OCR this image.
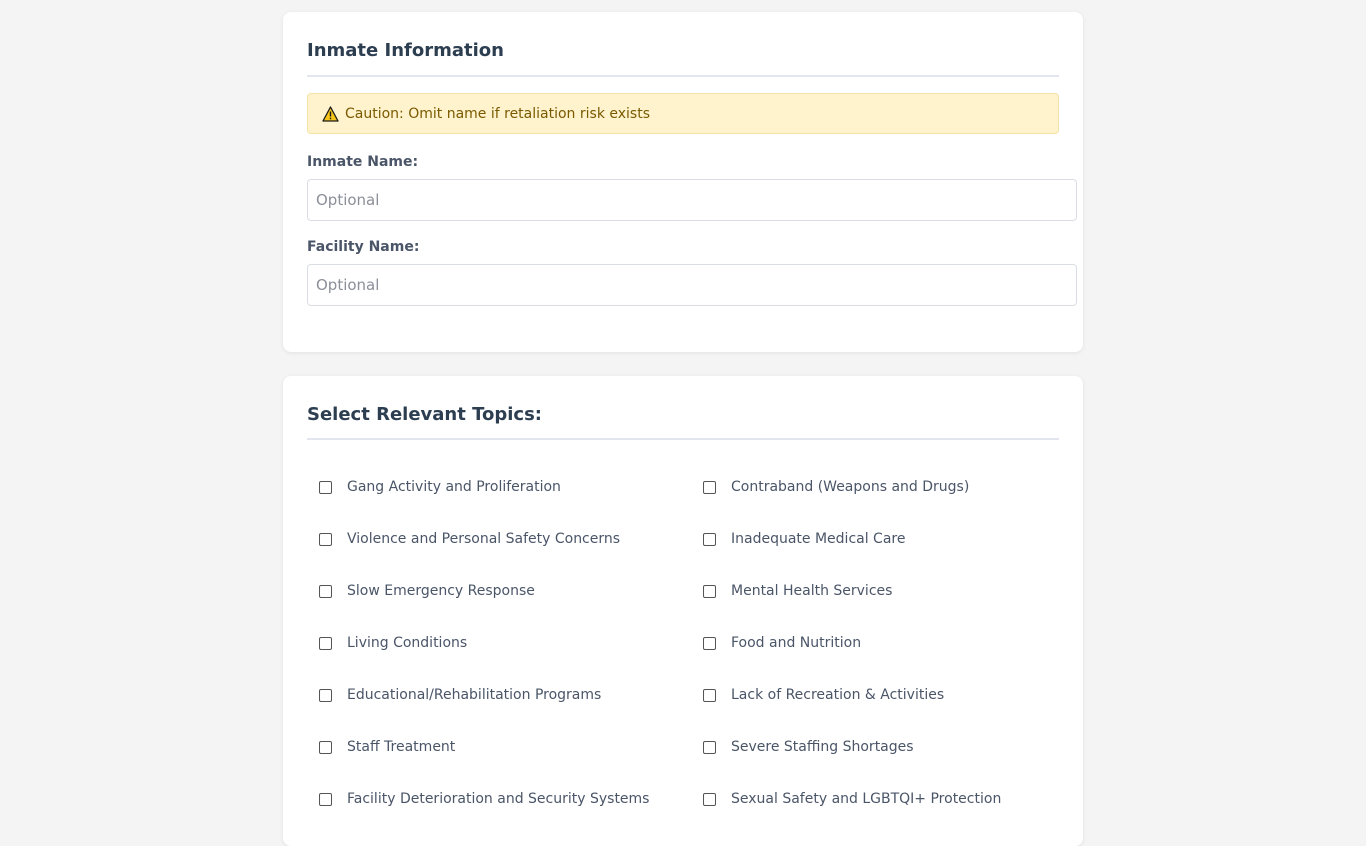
Inmate Information
Caution: Omit name if retaliation risk exists
Inmate Name:
Optional
Facility Name:
Optional
Select Relevant Topics:
Gang Activity and Proliferation	Contraband (Weapons and Drugs)
Violence and Personal Safety Concerns	Inadequate Medical Care
Slow Emergency Response	Mental Health Services
Living Conditions	Food and Nutrition
Educational/Rehabilitation Programs	Lack of Recreation & Activities
Staff Treatment	Severe Staffing Shortages
Facility Deterioration and Security Systems	Sexual Safety and LGBTQI+ Protection
